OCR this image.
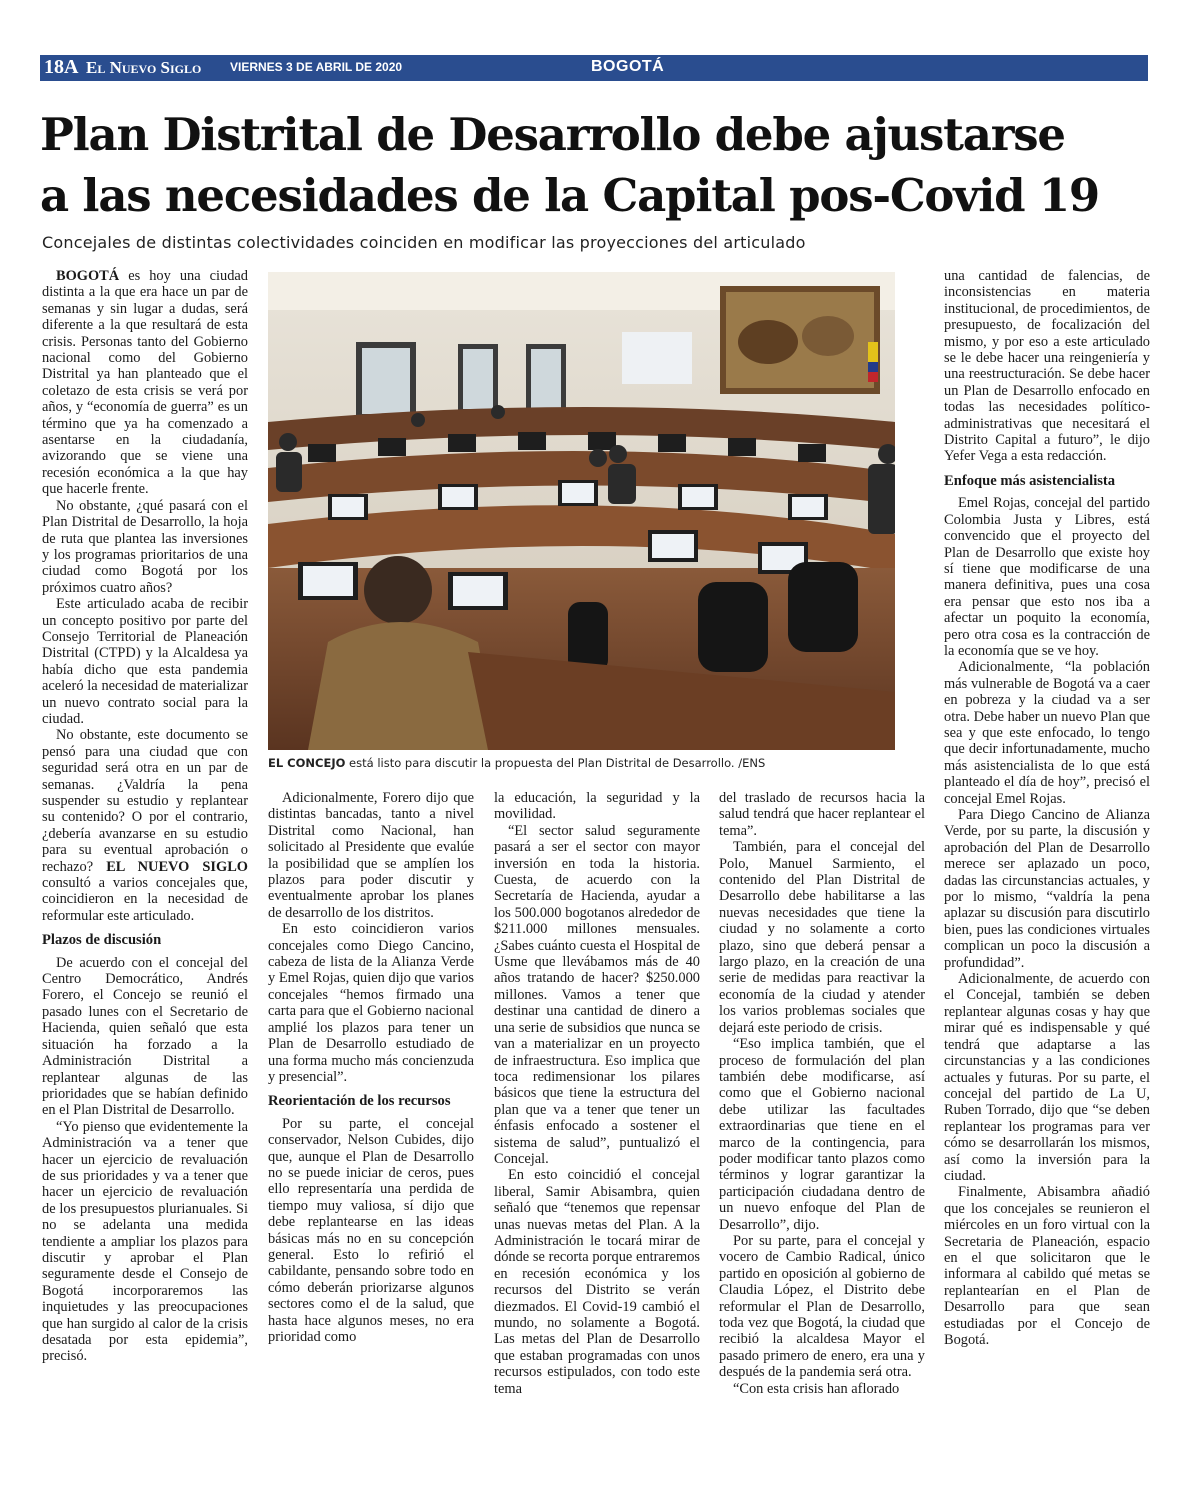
18A El Nuevo Siglo VIERNES 3 DE ABRIL DE 2020	BOGOTÁ
Plan Distrital de Desarrollo debe ajustarse
a las necesidades de la Capital pos-Covid 19

Concejales de distintas colectividades coinciden en modificar las proyecciones del articulado

BOGOTÁ es hoy una ciudad distinta a la que era hace un par de semanas y sin lugar a dudas, será diferente a la que resultará de esta crisis. Personas tanto del Gobierno nacional como del Gobierno Distrital ya han planteado que el coletazo de esta crisis se verá por años, y “economía de guerra” es un término que ya ha comenzado a asentarse en la ciudadanía, avizorando que se viene una recesión económica a la que hay que hacerle frente.

No obstante, ¿qué pasará con el Plan Distrital de Desarrollo, la hoja de ruta que plantea las inversiones y los programas prioritarios de una ciudad como Bogotá por los próximos cuatro años?

Este articulado acaba de recibir un concepto positivo por parte del Consejo Territorial de Planeación Distrital (CTPD) y la Alcaldesa ya había dicho que esta pandemia aceleró la necesidad de materializar un nuevo contrato social para la ciudad.

No obstante, este documento se pensó para una ciudad que con seguridad será otra en un par de semanas. ¿Valdría la pena suspender su estudio y replantear su contenido? O por el contrario, ¿debería avanzarse en su estudio para su eventual aprobación o rechazo? EL NUEVO SIGLO consultó a varios concejales que, coincidieron en la necesidad de reformular este articulado.

Plazos de discusión

De acuerdo con el concejal del Centro Democrático, Andrés Forero, el Concejo se reunió el pasado lunes con el Secretario de Hacienda, quien señaló que esta situación ha forzado a la Administración Distrital a replantear algunas de las prioridades que se habían definido en el Plan Distrital de Desarrollo.

“Yo pienso que evidentemente la Administración va a tener que hacer un ejercicio de revaluación de sus prioridades y va a tener que hacer un ejercicio de revaluación de los presupuestos plurianuales. Si no se adelanta una medida tendiente a ampliar los plazos para discutir y aprobar el Plan seguramente desde el Consejo de Bogotá incorporaremos las inquietudes y las preocupaciones que han surgido al calor de la crisis desatada por esta epidemia”, precisó.

EL CONCEJO está listo para discutir la propuesta del Plan Distrital de Desarrollo. /ENS

Adicionalmente, Forero dijo que distintas bancadas, tanto a nivel Distrital como Nacional, han solicitado al Presidente que evalúe la posibilidad que se amplíen los plazos para poder discutir y eventualmente aprobar los planes de desarrollo de los distritos.

En esto coincidieron varios concejales como Diego Cancino, cabeza de lista de la Alianza Verde y Emel Rojas, quien dijo que varios concejales “hemos firmado una carta para que el Gobierno nacional amplié los plazos para tener un Plan de Desarrollo estudiado de una forma mucho más concienzuda y presencial”.

Reorientación de los recursos

Por su parte, el concejal conservador, Nelson Cubides, dijo que, aunque el Plan de Desarrollo no se puede iniciar de ceros, pues ello representaría una perdida de tiempo muy valiosa, sí dijo que debe replantearse en las ideas básicas más no en su concepción general. Esto lo refirió el cabildante, pensando sobre todo en cómo deberán priorizarse algunos sectores como el de la salud, que hasta hace algunos meses, no era prioridad como

la educación, la seguridad y la movilidad.

“El sector salud seguramente pasará a ser el sector con mayor inversión en toda la historia. Cuesta, de acuerdo con la Secretaría de Hacienda, ayudar a los 500.000 bogotanos alrededor de $211.000 millones mensuales. ¿Sabes cuánto cuesta el Hospital de Usme que llevábamos más de 40 años tratando de hacer? $250.000 millones. Vamos a tener que destinar una cantidad de dinero a una serie de subsidios que nunca se van a materializar en un proyecto de infraestructura. Eso implica que toca redimensionar los pilares básicos que tiene la estructura del plan que va a tener que tener un énfasis enfocado a sostener el sistema de salud”, puntualizó el Concejal.

En esto coincidió el concejal liberal, Samir Abisambra, quien señaló que “tenemos que repensar unas nuevas metas del Plan. A la Administración le tocará mirar de dónde se recorta porque entraremos en recesión económica y los recursos del Distrito se verán diezmados. El Covid-19 cambió el mundo, no solamente a Bogotá. Las metas del Plan de Desarrollo que estaban programadas con unos recursos estipulados, con todo este tema

del traslado de recursos hacia la salud tendrá que hacer replantear el tema”.

También, para el concejal del Polo, Manuel Sarmiento, el contenido del Plan Distrital de Desarrollo debe habilitarse a las nuevas necesidades que tiene la ciudad y no solamente a corto plazo, sino que deberá pensar a largo plazo, en la creación de una serie de medidas para reactivar la economía de la ciudad y atender los varios problemas sociales que dejará este periodo de crisis.

“Eso implica también, que el proceso de formulación del plan también debe modificarse, así como que el Gobierno nacional debe utilizar las facultades extraordinarias que tiene en el marco de la contingencia, para poder modificar tanto plazos como términos y lograr garantizar la participación ciudadana dentro de un nuevo enfoque del Plan de Desarrollo”, dijo.

Por su parte, para el concejal y vocero de Cambio Radical, único partido en oposición al gobierno de Claudia López, el Distrito debe reformular el Plan de Desarrollo, toda vez que Bogotá, la ciudad que recibió la alcaldesa Mayor el pasado primero de enero, era una y después de la pandemia será otra.

“Con esta crisis han aflorado

una cantidad de falencias, de inconsistencias en materia institucional, de procedimientos, de presupuesto, de focalización del mismo, y por eso a este articulado se le debe hacer una reingeniería y una reestructuración. Se debe hacer un Plan de Desarrollo enfocado en todas las necesidades político-administrativas que necesitará el Distrito Capital a futuro”, le dijo Yefer Vega a esta redacción.

Enfoque más asistencialista

Emel Rojas, concejal del partido Colombia Justa y Libres, está convencido que el proyecto del Plan de Desarrollo que existe hoy sí tiene que modificarse de una manera definitiva, pues una cosa era pensar que esto nos iba a afectar un poquito la economía, pero otra cosa es la contracción de la economía que se ve hoy.

Adicionalmente, “la población más vulnerable de Bogotá va a caer en pobreza y la ciudad va a ser otra. Debe haber un nuevo Plan que sea y que este enfocado, lo tengo que decir infortunadamente, mucho más asistencialista de lo que está planteado el día de hoy”, precisó el concejal Emel Rojas.

Para Diego Cancino de Alianza Verde, por su parte, la discusión y aprobación del Plan de Desarrollo merece ser aplazado un poco, dadas las circunstancias actuales, y por lo mismo, “valdría la pena aplazar su discusión para discutirlo bien, pues las condiciones virtuales complican un poco la discusión a profundidad”.

Adicionalmente, de acuerdo con el Concejal, también se deben replantear algunas cosas y hay que mirar qué es indispensable y qué tendrá que adaptarse a las circunstancias y a las condiciones actuales y futuras. Por su parte, el concejal del partido de La U, Ruben Torrado, dijo que “se deben replantear los programas para ver cómo se desarrollarán los mismos, así como la inversión para la ciudad.

Finalmente, Abisambra añadió que los concejales se reunieron el miércoles en un foro virtual con la Secretaria de Planeación, espacio en el que solicitaron que le informara al cabildo qué metas se replantearían en el Plan de Desarrollo para que sean estudiadas por el Concejo de Bogotá.
